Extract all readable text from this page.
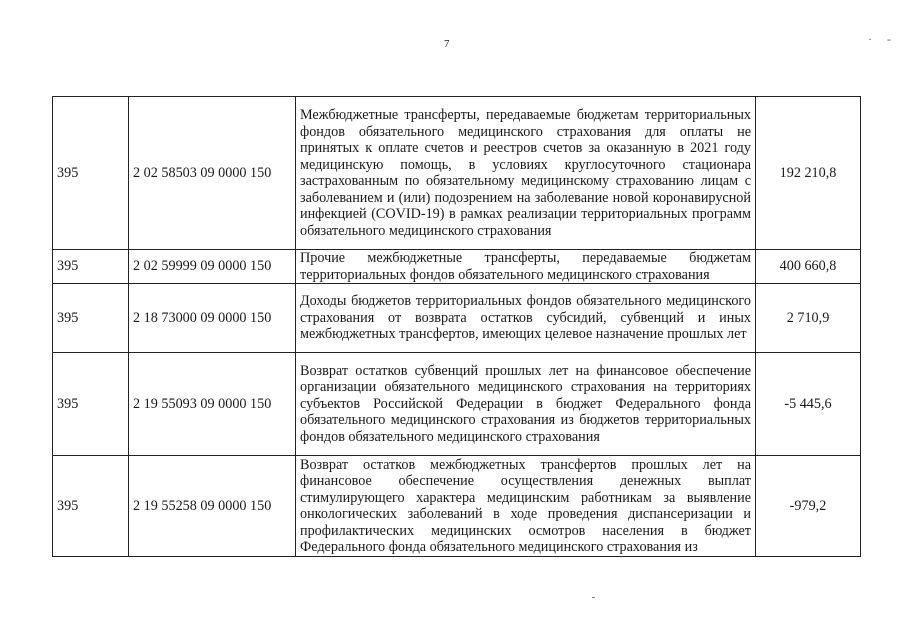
7	· -
395	2 02 58503 09 0000 150	Межбюджетные трансферты, передаваемые бюджетам территориальных фондов обязательного медицинского страхования для оплаты не принятых к оплате счетов и реестров счетов за оказанную в 2021 году медицинскую помощь, в условиях круглосуточного стационара застрахованным по обязательному медицинскому страхованию лицам с заболеванием и (или) подозрением на заболевание новой коронавирусной инфекцией (COVID-19) в рамках реализации территориальных программ обязательного медицинского страхования	192 210,8
395	2 02 59999 09 0000 150	Прочие межбюджетные трансферты, передаваемые бюджетам территориальных фондов обязательного медицинского страхования	400 660,8
395	2 18 73000 09 0000 150	Доходы бюджетов территориальных фондов обязательного медицинского страхования от возврата остатков субсидий, субвенций и иных межбюджетных трансфертов, имеющих целевое назначение прошлых лет	2 710,9
395	2 19 55093 09 0000 150	Возврат остатков субвенций прошлых лет на финансовое обеспечение организации обязательного медицинского страхования на территориях субъектов Российской Федерации в бюджет Федерального фонда обязательного медицинского страхования из бюджетов территориальных фондов обязательного медицинского страхования	-5 445,6
395	2 19 55258 09 0000 150	Возврат остатков межбюджетных трансфертов прошлых лет на финансовое обеспечение осуществления денежных выплат стимулирующего характера медицинским работникам за выявление онкологических заболеваний в ходе проведения диспансеризации и профилактических медицинских осмотров населения в бюджет Федерального фонда обязательного медицинского страхования из	-979,2
